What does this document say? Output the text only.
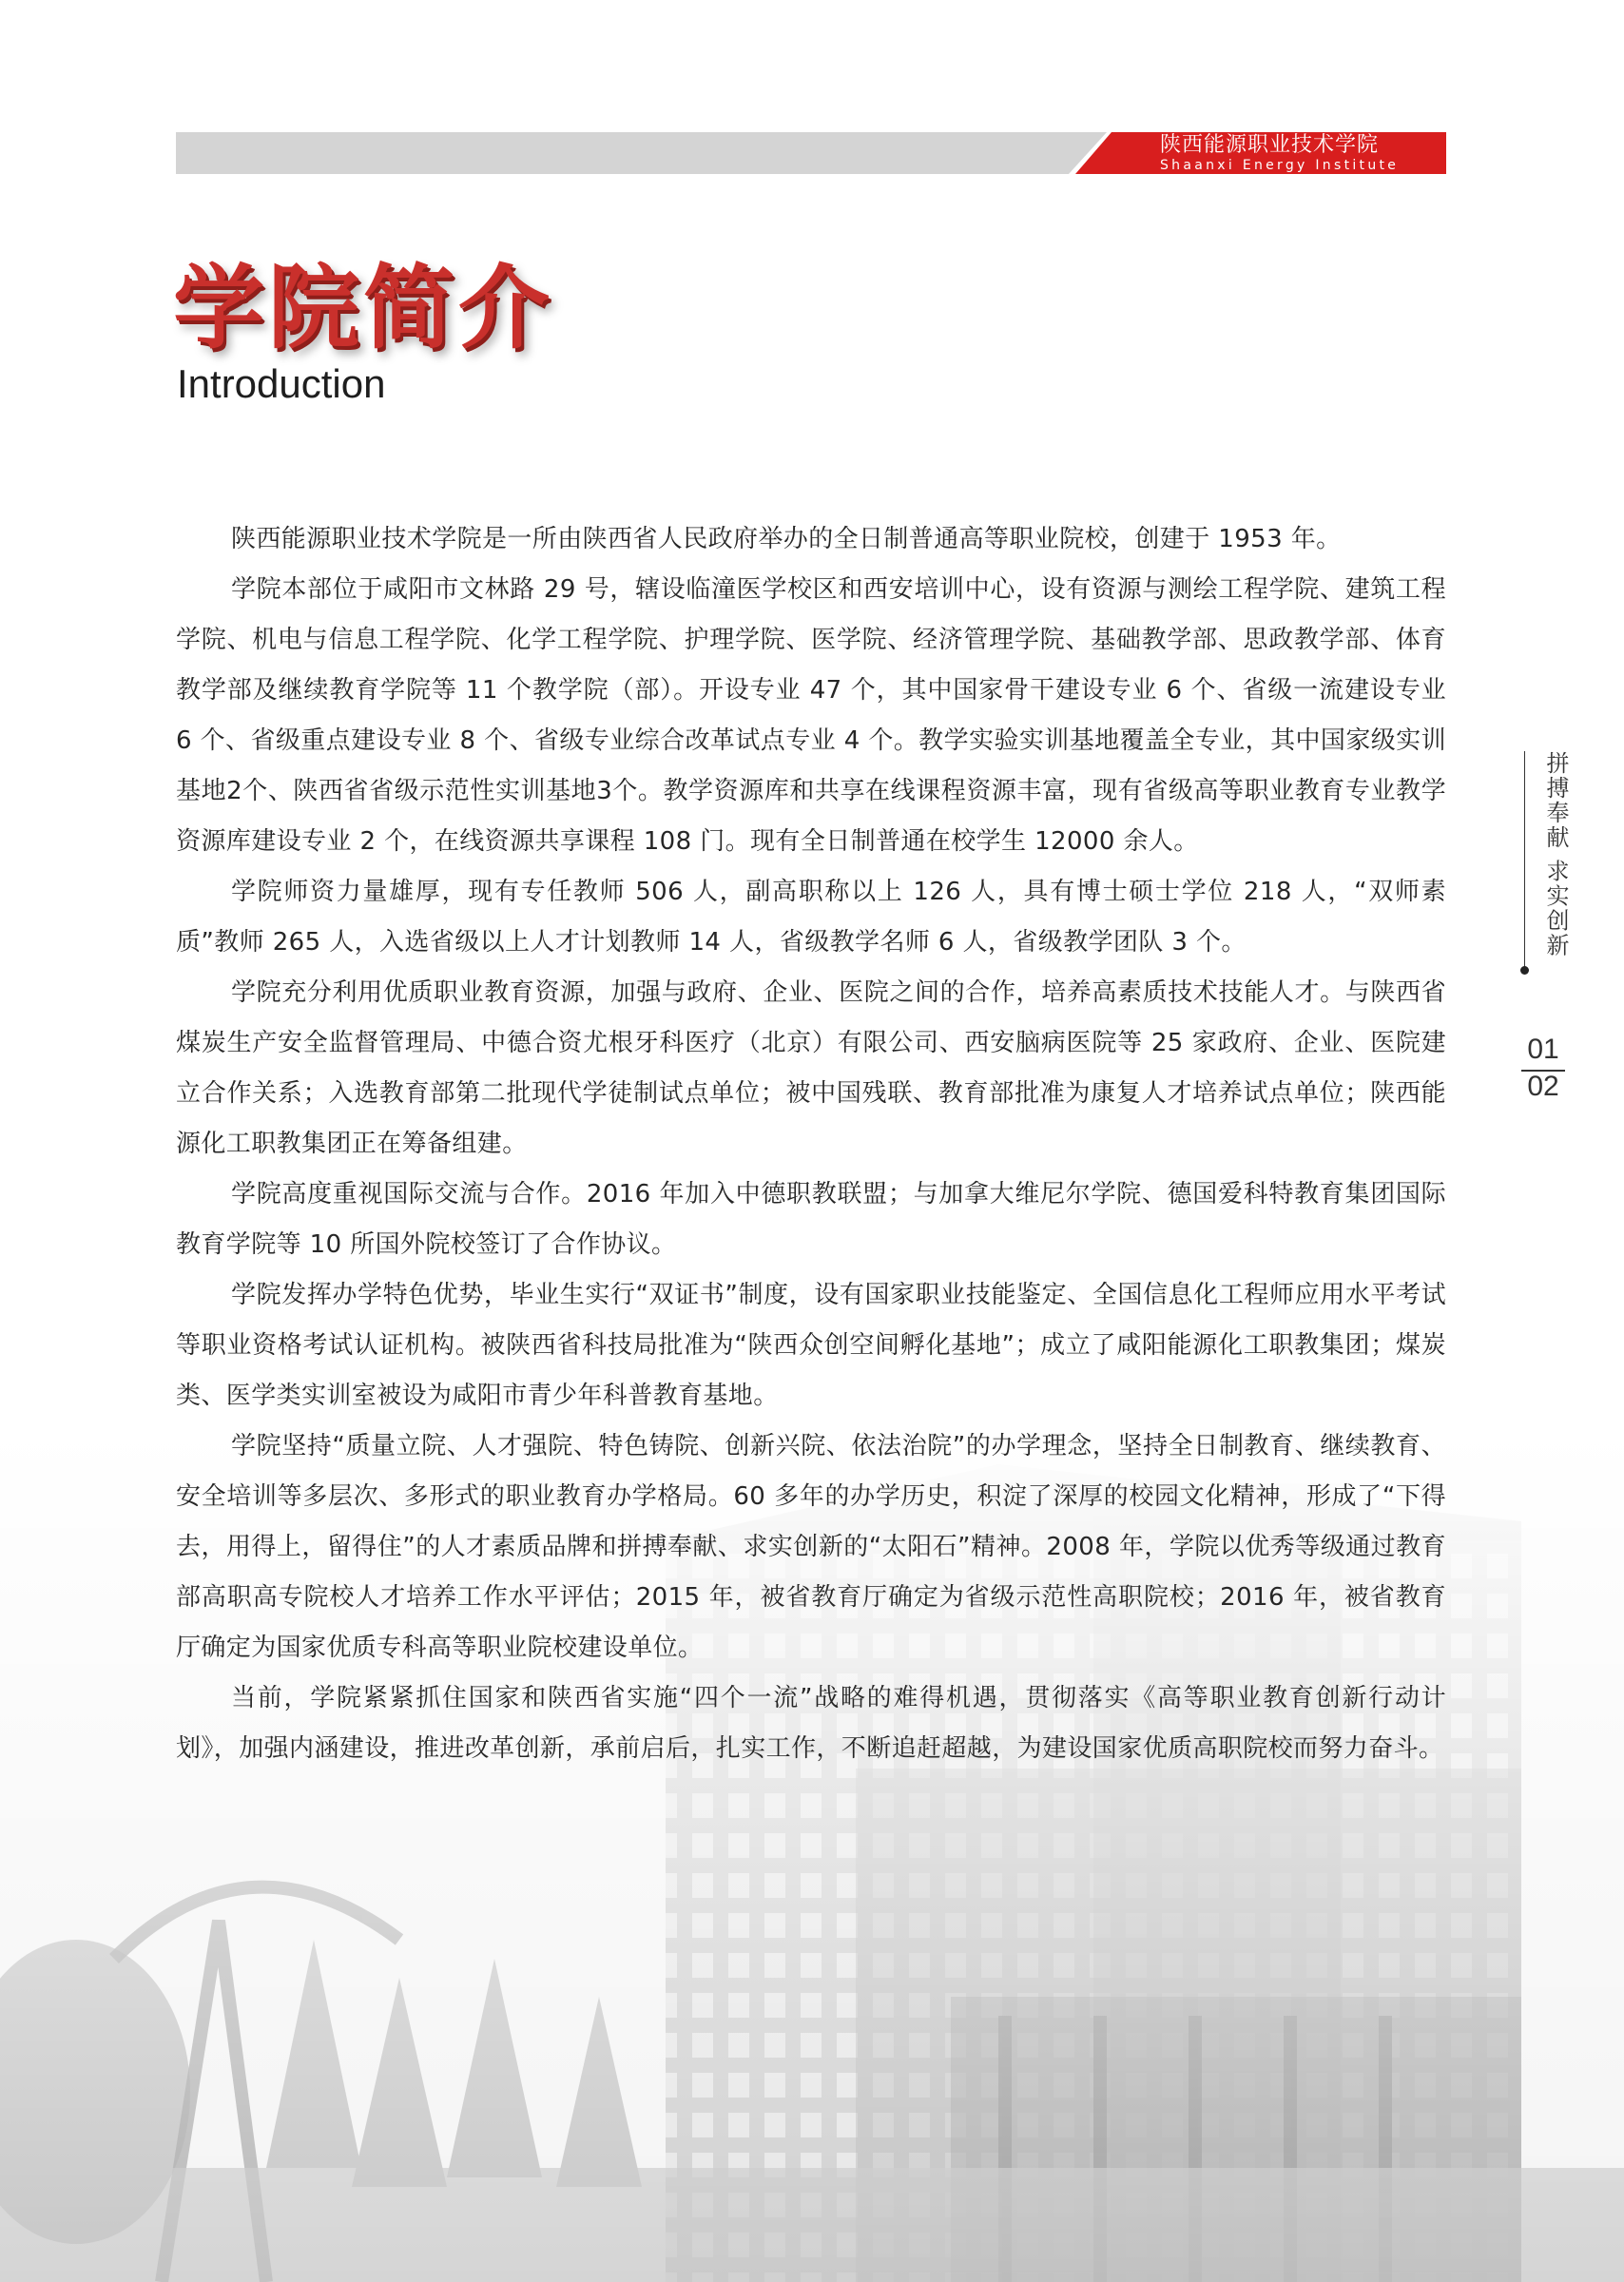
陕西能源职业技术学院
Shaanxi Energy Institute
学院简介
Introduction

陕西能源职业技术学院是一所由陕西省人民政府举办的全日制普通高等职业院校，创建于 1953 年。

学院本部位于咸阳市文林路 29 号，辖设临潼医学校区和西安培训中心，设有资源与测绘工程学院、建筑工程学院、机电与信息工程学院、化学工程学院、护理学院、医学院、经济管理学院、基础教学部、思政教学部、体育教学部及继续教育学院等 11 个教学院（部）。开设专业 47 个，其中国家骨干建设专业 6 个、省级一流建设专业 6 个、省级重点建设专业 8 个、省级专业综合改革试点专业 4 个。教学实验实训基地覆盖全专业，其中国家级实训基地2个、陕西省省级示范性实训基地3个。教学资源库和共享在线课程资源丰富，现有省级高等职业教育专业教学资源库建设专业 2 个，在线资源共享课程 108 门。现有全日制普通在校学生 12000 余人。

学院师资力量雄厚，现有专任教师 506 人，副高职称以上 126 人，具有博士硕士学位 218 人，“双师素质”教师 265 人，入选省级以上人才计划教师 14 人，省级教学名师 6 人，省级教学团队 3 个。

学院充分利用优质职业教育资源，加强与政府、企业、医院之间的合作，培养高素质技术技能人才。与陕西省煤炭生产安全监督管理局、中德合资尤根牙科医疗（北京）有限公司、西安脑病医院等 25 家政府、企业、医院建立合作关系；入选教育部第二批现代学徒制试点单位；被中国残联、教育部批准为康复人才培养试点单位；陕西能源化工职教集团正在筹备组建。

学院高度重视国际交流与合作。2016 年加入中德职教联盟；与加拿大维尼尔学院、德国爱科特教育集团国际教育学院等 10 所国外院校签订了合作协议。

学院发挥办学特色优势，毕业生实行“双证书”制度，设有国家职业技能鉴定、全国信息化工程师应用水平考试等职业资格考试认证机构。被陕西省科技局批准为“陕西众创空间孵化基地”；成立了咸阳能源化工职教集团；煤炭类、医学类实训室被设为咸阳市青少年科普教育基地。

学院坚持“质量立院、人才强院、特色铸院、创新兴院、依法治院”的办学理念，坚持全日制教育、继续教育、安全培训等多层次、多形式的职业教育办学格局。60 多年的办学历史，积淀了深厚的校园文化精神，形成了“下得去，用得上，留得住”的人才素质品牌和拼搏奉献、求实创新的“太阳石”精神。2008 年，学院以优秀等级通过教育部高职高专院校人才培养工作水平评估；2015 年，被省教育厅确定为省级示范性高职院校；2016 年，被省教育厅确定为国家优质专科高等职业院校建设单位。

当前，学院紧紧抓住国家和陕西省实施“四个一流”战略的难得机遇，贯彻落实《高等职业教育创新行动计划》，加强内涵建设，推进改革创新，承前启后，扎实工作，不断追赶超越，为建设国家优质高职院校而努力奋斗。

拼搏奉献 求实创新
01
02
